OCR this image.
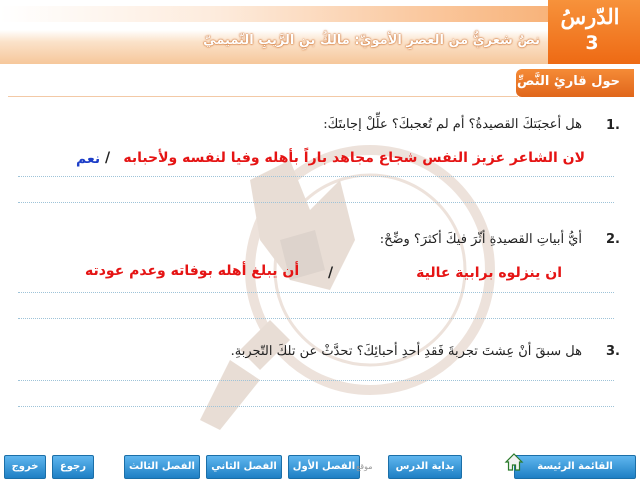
نصٌ شعريٌّ من العصرِ الأمويّ: مالكُ بنِ الرَّيبِ التّميميّ
الدّرسُ
3
حول قارئِ النَّصِّ:
1.
هل أعجبَتكَ القصيدةُ؟ أم لم تُعجبكَ؟ علِّلْ إجابتَكَ:
لان الشاعر عزيز النفس شجاع مجاهد باراً بأهله وفيا لنفسه ولأحبابه
/
نعم
2.
أيُّ أبياتِ القصيدةِ أثّرَ فيكَ أكثرَ؟ وضِّحْ:
ان ينزلوه برابية عالية
/
أن يبلغ أهله بوفاته وعدم عودته
3.
هل سبقَ أنْ عِشتَ تجربةَ فَقدِ أحدِ أحبائِكَ؟ تحدَّثْ عن تلكَ التّجربةِ.
خروج	رجوع	الفصل الثالث	الفصل الثاني	الفصل الأول موقع	بداية الدرس	القائمة الرئيسة
